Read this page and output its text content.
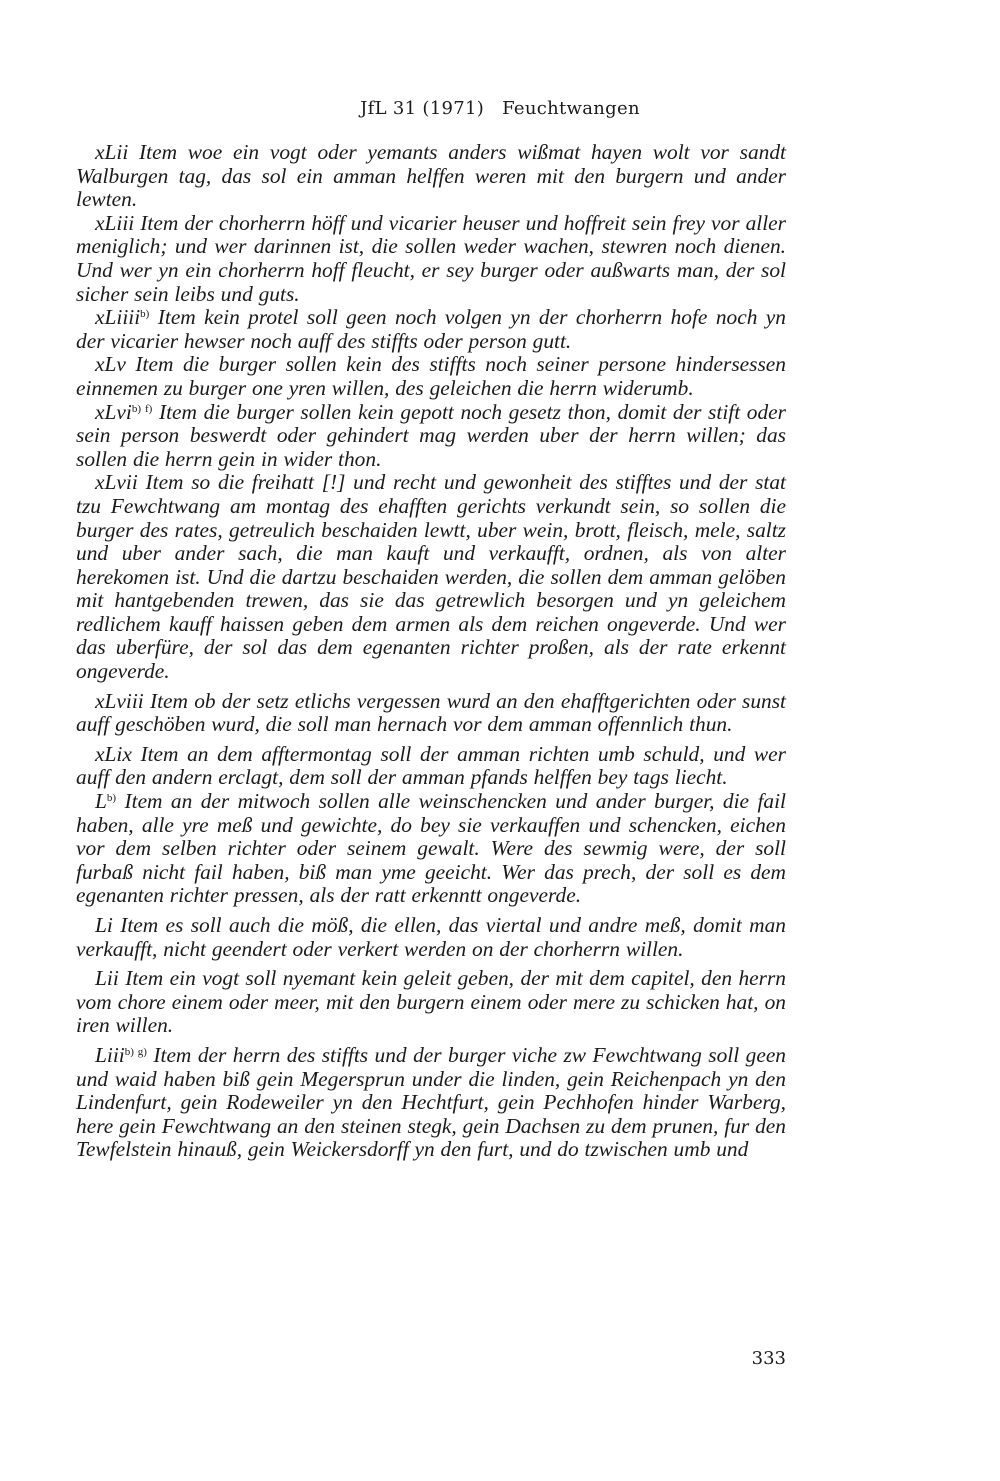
JfL 31 (1971) Feuchtwangen

xLii Item woe ein vogt oder yemants anders wißmat hayen wolt vor sandt Walburgen tag, das sol ein amman helffen weren mit den burgern und ander lewten.

xLiii Item der chorherrn höff und vicarier heuser und hoffreit sein frey vor aller meniglich; und wer darinnen ist, die sollen weder wachen, stewren noch dienen. Und wer yn ein chorherrn hoff fleucht, er sey burger oder außwarts man, der sol sicher sein leibs und guts.

xLiiii$^{b)}$ Item kein protel soll geen noch volgen yn der chorherrn hofe noch yn der vicarier hewser noch auff des stiffts oder person gutt.

xLv Item die burger sollen kein des stiffts noch seiner persone hindersessen einnemen zu burger one yren willen, des geleichen die herrn widerumb.

xLvi$^{b) f)}$ Item die burger sollen kein gepott noch gesetz thon, domit der stift oder sein person beswerdt oder gehindert mag werden uber der herrn willen; das sollen die herrn gein in wider thon.

xLvii Item so die freihatt [!] und recht und gewonheit des stifftes und der stat tzu Fewchtwang am montag des ehafften gerichts verkundt sein, so sollen die burger des rates, getreulich beschaiden lewtt, uber wein, brott, fleisch, mele, saltz und uber ander sach, die man kauft und verkaufft, ordnen, als von alter herekomen ist. Und die dartzu beschaiden werden, die sollen dem amman gelöben mit hantgebenden trewen, das sie das getrewlich besorgen und yn geleichem redlichem kauff haissen geben dem armen als dem reichen ongeverde. Und wer das uberfüre, der sol das dem egenanten richter proßen, als der rate erkennt ongeverde.

xLviii Item ob der setz etlichs vergessen wurd an den ehafftgerichten oder sunst auff geschöben wurd, die soll man hernach vor dem amman offennlich thun.

xLix Item an dem afftermontag soll der amman richten umb schuld, und wer auff den andern erclagt, dem soll der amman pfands helffen bey tags liecht.

$L^{b)}$ Item an der mitwoch sollen alle weinschencken und ander burger, die fail haben, alle yre meß und gewichte, do bey sie verkauffen und schencken, eichen vor dem selben richter oder seinem gewalt. Were des sewmig were, der soll furbaß nicht fail haben, biß man yme geeicht. Wer das prech, der soll es dem egenanten richter pressen, als der ratt erkenntt ongeverde.

Li Item es soll auch die möß, die ellen, das viertal und andre meß, domit man verkaufft, nicht geendert oder verkert werden on der chorherrn willen.

Lii Item ein vogt soll nyemant kein geleit geben, der mit dem capitel, den herrn vom chore einem oder meer, mit den burgern einem oder mere zu schicken hat, on iren willen.

Liii$^{b) g)}$ Item der herrn des stiffts und der burger viche zw Fewchtwang soll geen und waid haben biß gein Megersprun under die linden, gein Reichenpach yn den Lindenfurt, gein Rodeweiler yn den Hechtfurt, gein Pechhofen hinder Warberg, here gein Fewchtwang an den steinen stegk, gein Dachsen zu dem prunen, fur den Tewfelstein hinauß, gein Weickersdorff yn den furt, und do tzwischen umb und

333
